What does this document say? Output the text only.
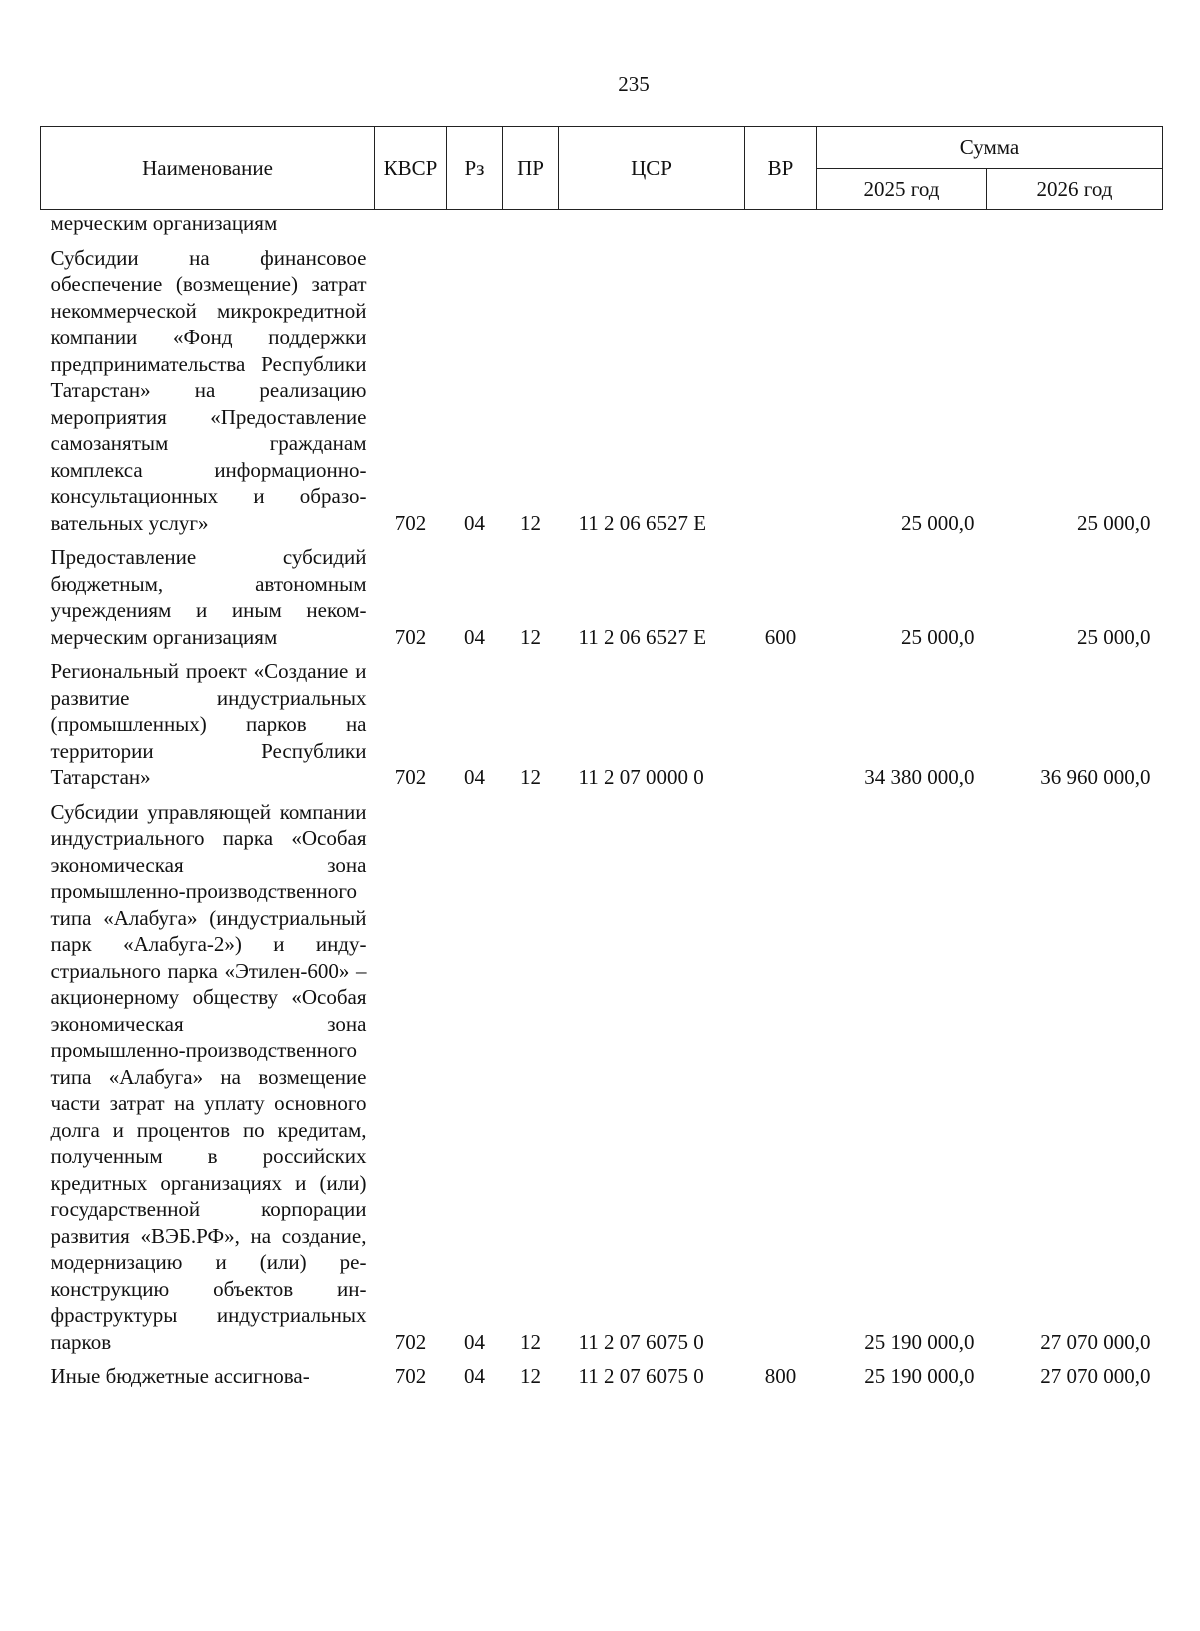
235
Наименование	КВСР	Рз	ПР	ЦСР	ВР	Сумма	
						2025 год	2026 год
мерческим организациям							
Субсидии на финансовое обеспечение (возмещение) затрат некоммерческой микрокредитной компании «Фонд поддержки предпринимательства Республики Татарстан» на реализацию мероприятия «Предоставление самозанятым гражданам комплекса информационно-консультационных и образовательных услуг»	702	04	12	11 2 06 6527 Е		25 000,0	25 000,0
Предоставление субсидий бюджетным, автономным учреждениям и иным некоммерческим организациям	702	04	12	11 2 06 6527 Е	600	25 000,0	25 000,0
Региональный проект «Создание и развитие индустриальных (промышленных) парков на территории Республики Татарстан»	702	04	12	11 2 07 0000 0		34 380 000,0	36 960 000,0
Субсидии управляющей компании индустриального парка «Особая экономическая зона промышленно-производственного типа «Алабуга» (индустриальный парк «Алабуга-2») и индустриального парка «Этилен-600» – акционерному обществу «Особая экономическая зона промышленно-производственного типа «Алабуга» на возмещение части затрат на уплату основного долга и процентов по кредитам, полученным в российских кредитных организациях и (или) государственной корпорации развития «ВЭБ.РФ», на создание, модернизацию и (или) реконструкцию объектов инфраструктуры индустриальных парков	702	04	12	11 2 07 6075 0		25 190 000,0	27 070 000,0
Иные бюджетные ассигнова-	702	04	12	11 2 07 6075 0	800	25 190 000,0	27 070 000,0
